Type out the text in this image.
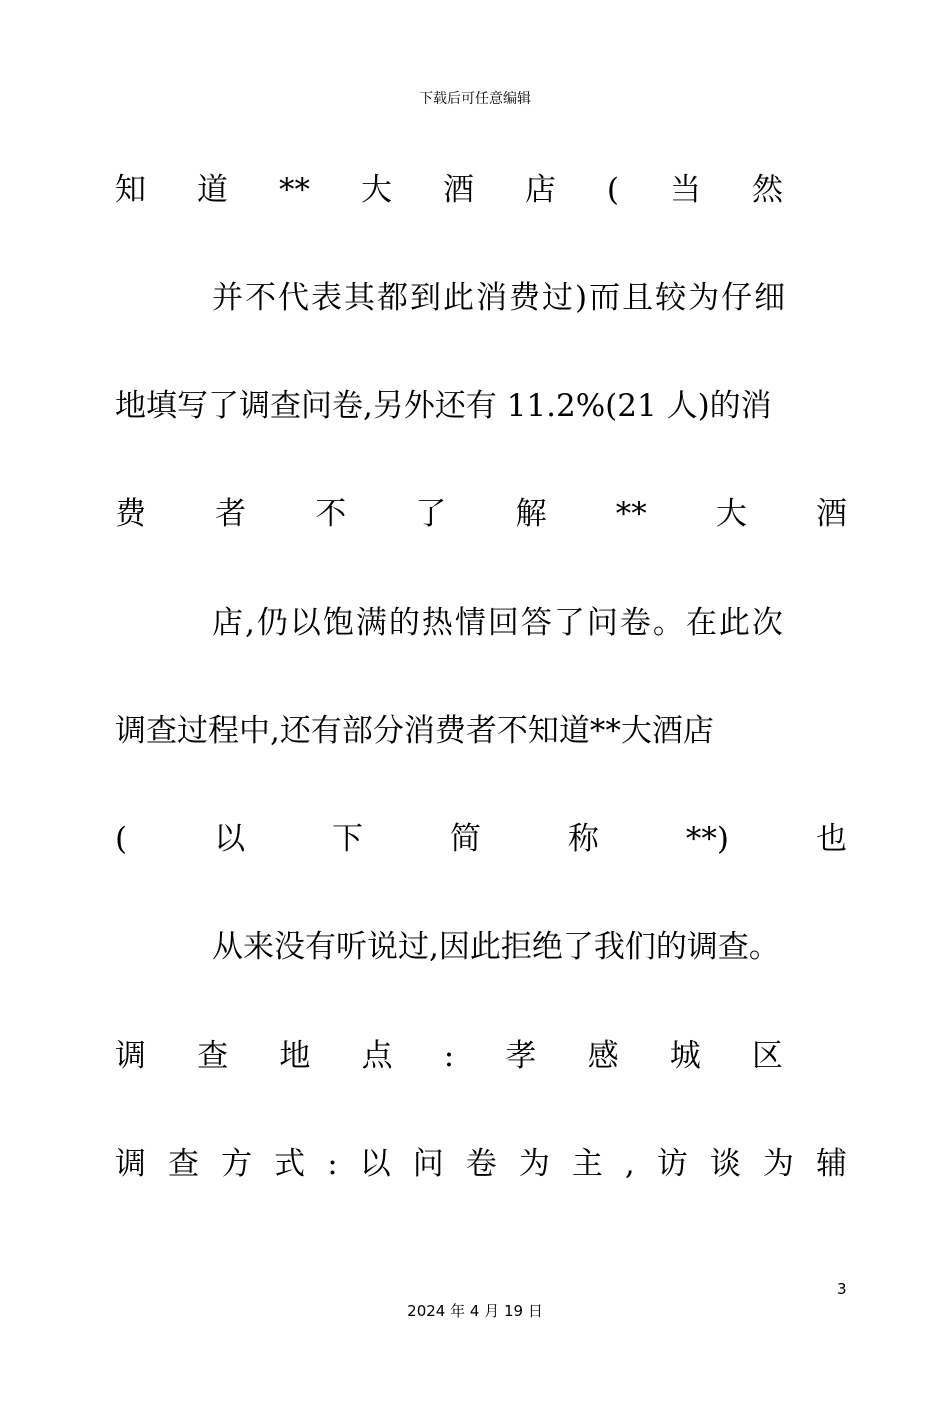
下载后可任意编辑
知 道 ** 大 酒 店 ( 当 然
并不代表其都到此消费过)而且较为仔细
地填写了调查问卷,另外还有 11.2%(21 人)的消
费 者 不 了 解 ** 大 酒
店,仍以饱满的热情回答了问卷。在此次
调查过程中,还有部分消费者不知道**大酒店
(	以	下	简	称	**)	也
从来没有听说过,因此拒绝了我们的调查。
调 查 地 点 : 孝 感 城 区
调 查 方 式 : 以 问 卷 为 主 , 访 谈 为 辅
3
2024 年 4 月 19 日
